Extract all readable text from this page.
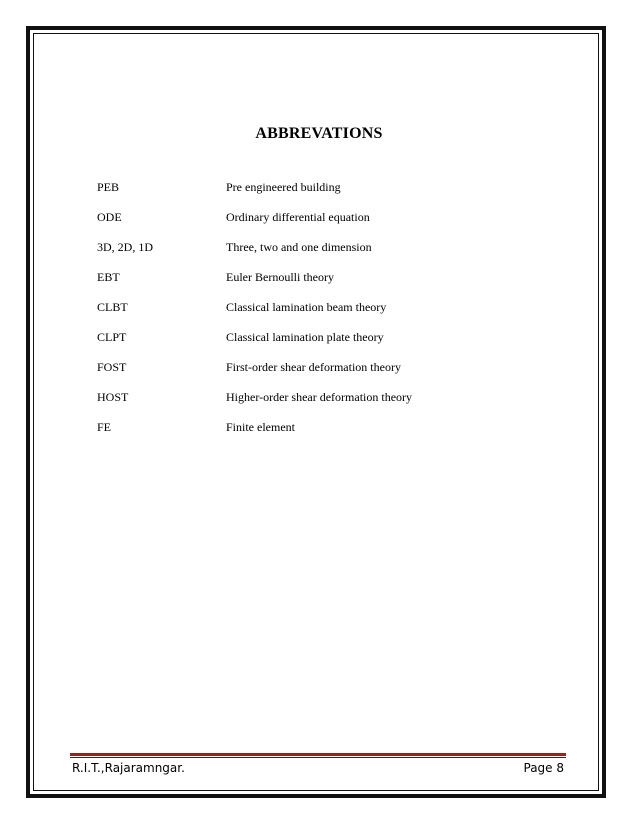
ABBREVATIONS
PEB	Pre engineered building
ODE	Ordinary differential equation
3D, 2D, 1D	Three, two and one dimension
EBT	Euler Bernoulli theory
CLBT	Classical lamination beam theory
CLPT	Classical lamination plate theory
FOST	First-order shear deformation theory
HOST	Higher-order shear deformation theory
FE	Finite element
R.I.T.,Rajaramngar.	Page 8
